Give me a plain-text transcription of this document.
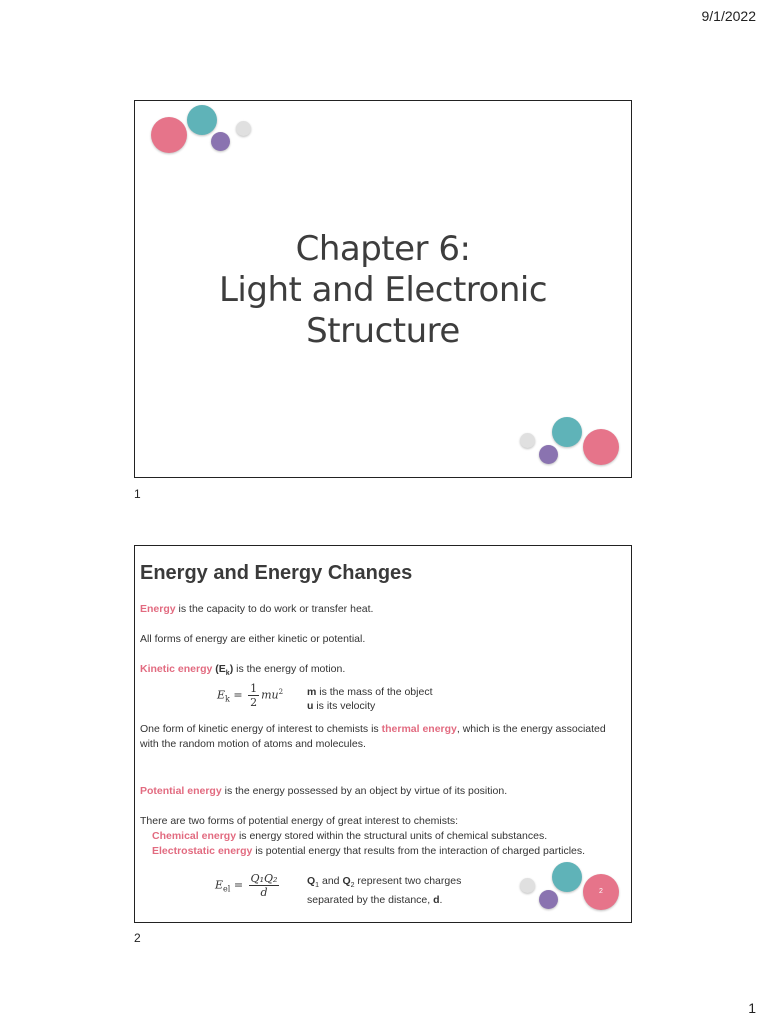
9/1/2022
Chapter 6:
Light and Electronic
Structure
1
Energy and Energy Changes
Energy is the capacity to do work or transfer heat.
All forms of energy are either kinetic or potential.
Kinetic energy $(E_k)$ is the energy of motion.
$E_k = \frac{1}{2} mu^2$ m is the mass of the object
u is its velocity
One form of kinetic energy of interest to chemists is thermal energy, which is the energy associated with the random motion of atoms and molecules.
Potential energy is the energy possessed by an object by virtue of its position.
There are two forms of potential energy of great interest to chemists:
Chemical energy is energy stored within the structural units of chemical substances.
Electrostatic energy is potential energy that results from the interaction of charged particles.
$E_{el} = \frac{\text{Q₁Q₂}}{d}$	$Q_1$ and $Q_2$ represent two charges
separated by the distance, d.
2
2
1
